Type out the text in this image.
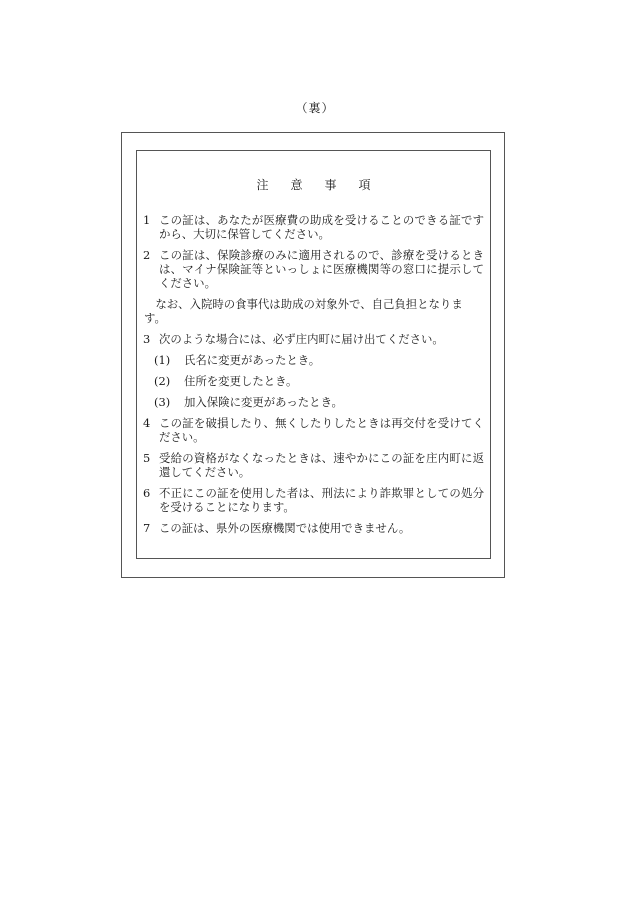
（裏）
注 意 事 項
1 この証は、あなたが医療費の助成を受けることのできる証ですから、大切に保管してください。
2 この証は、保険診療のみに適用されるので、診療を受けるときは、マイナ保険証等といっしょに医療機関等の窓口に提示してください。
なお、入院時の食事代は助成の対象外で、自己負担となります。
3 次のような場合には、必ず庄内町に届け出てください。
(1)	氏名に変更があったとき。
(2)	住所を変更したとき。
(3)	加入保険に変更があったとき。
4 この証を破損したり、無くしたりしたときは再交付を受けてください。
5 受給の資格がなくなったときは、速やかにこの証を庄内町に返還してください。
6 不正にこの証を使用した者は、刑法により詐欺罪としての処分を受けることになります。
7 この証は、県外の医療機関では使用できません。
